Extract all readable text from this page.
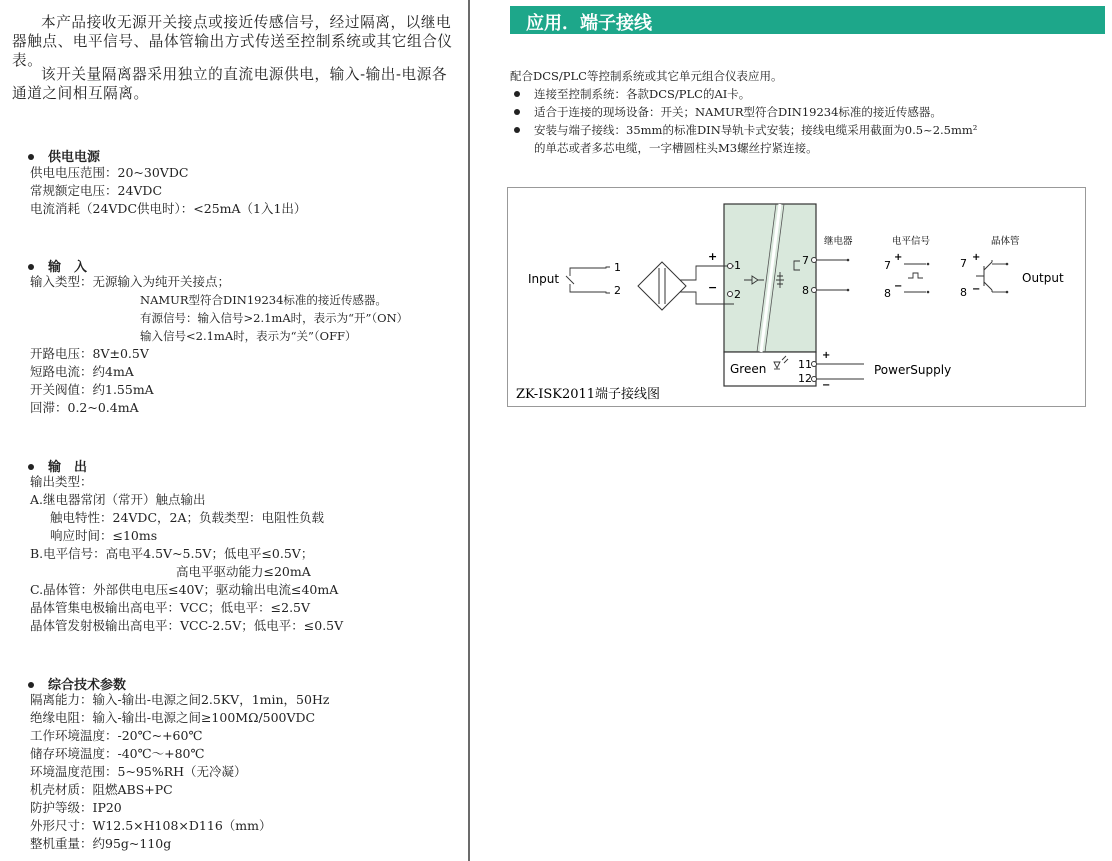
本产品接收无源开关接点或接近传感信号，经过隔离，以继电器触点、电平信号、晶体管输出方式传送至控制系统或其它组合仪表。

该开关量隔离器采用独立的直流电源供电，输入-输出-电源各通道之间相互隔离。

供电电源
供电电压范围：20~30VDC
常规额定电压：24VDC
电流消耗（24VDC供电时）：<25mA（1入1出）
输　入
输入类型：无源输入为纯开关接点；
NAMUR型符合DIN19234标准的接近传感器。
有源信号：输入信号>2.1mA时，表示为“开”（ON）
输入信号<2.1mA时，表示为“关”（OFF）
开路电压：8V±0.5V
短路电流：约4mA
开关阀值：约1.55mA
回滞：0.2~0.4mA
输　出
输出类型：
A.继电器常闭（常开）触点输出
触电特性：24VDC，2A；负载类型：电阻性负载
响应时间：≤10ms
B.电平信号：高电平4.5V~5.5V；低电平≤0.5V；
高电平驱动能力≤20mA
C.晶体管：外部供电电压≤40V；驱动输出电流≤40mA
晶体管集电极输出高电平：VCC；低电平：≤2.5V
晶体管发射极输出高电平：VCC-2.5V；低电平：≤0.5V
综合技术参数
隔离能力：输入-输出-电源之间2.5KV，1min，50Hz
绝缘电阻：输入-输出-电源之间≥100MΩ/500VDC
工作环境温度：-20℃~+60℃
储存环境温度：-40℃～+80℃
环境温度范围：5~95%RH（无冷凝）
机壳材质：阻燃ABS+PC
防护等级：IP20
外形尺寸：W12.5×H108×D116（mm）
整机重量：约95g~110g
应用．端子接线
配合DCS/PLC等控制系统或其它单元组合仪表应用。
连接至控制系统：各款DCS/PLC的AI卡。
适合于连接的现场设备：开关；NAMUR型符合DIN19234标准的接近传感器。
安装与端子接线：35mm的标准DIN导轨卡式安装；接线电缆采用截面为0.5~2.5mm²
的单芯或者多芯电缆，一字槽圆柱头M3螺丝拧紧连接。
Input
1
2
+
−
1
2
7
8
继电器	电平信号	晶体管
7
8
+
−
7
8
+
−
Output
Green	11
12
+
−
PowerSupply
ZK-ISK2011端子接线图
